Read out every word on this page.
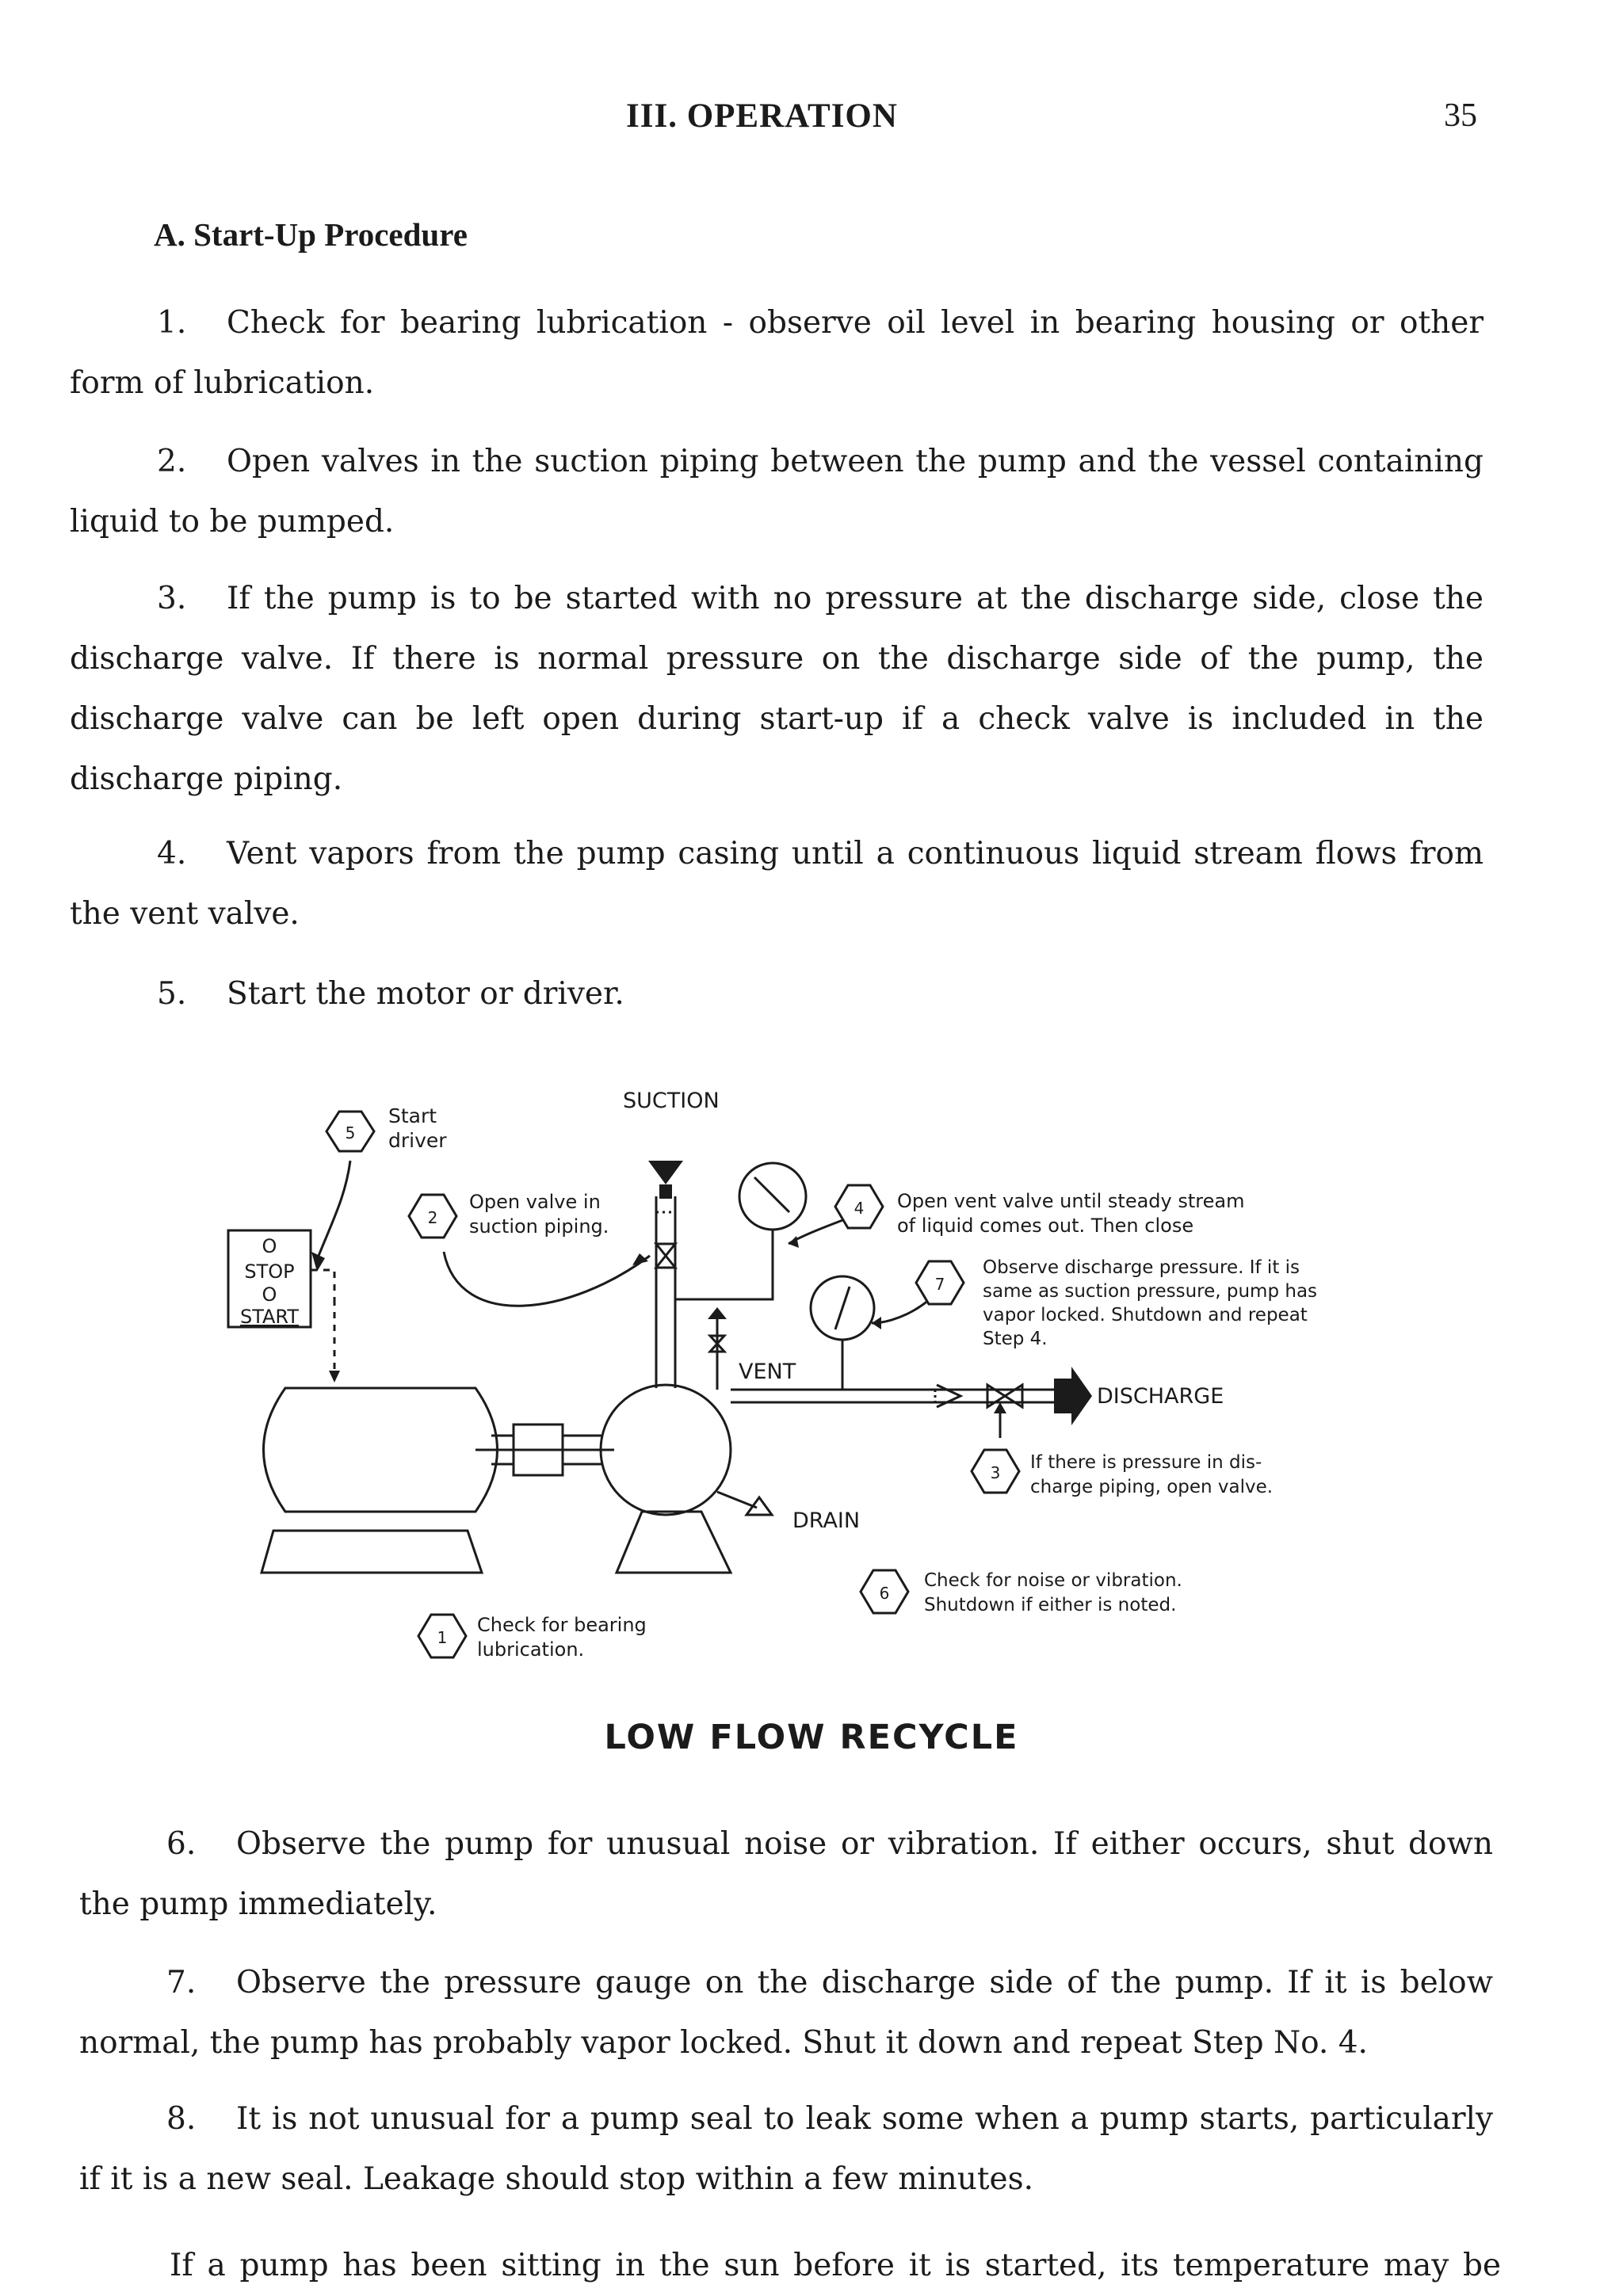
III. OPERATION	35
A. Start-Up Procedure

1. Check for bearing lubrication - observe oil level in bearing housing or other form of lubrication.

2. Open valves in the suction piping between the pump and the vessel containing liquid to be pumped.

3. If the pump is to be started with no pressure at the discharge side, close the discharge valve. If there is normal pressure on the discharge side of the pump, the discharge valve can be left open during start-up if a check valve is included in the discharge piping.

4. Vent vapors from the pump casing until a continuous liquid stream flows from the vent valve.

5. Start the motor or driver.

SUCTION
VENT
DISCHARGE
DRAIN
O
STOP
O
START
5
Start
driver
2
Open valve in
suction piping.
4 Open vent valve until steady stream
of liquid comes out. Then close
7
Observe discharge pressure. If it is
same as suction pressure, pump has
vapor locked. Shutdown and repeat
Step 4.
3 If there is pressure in dis-
charge piping, open valve.
6
Check for noise or vibration.
Shutdown if either is noted.
1
Check for bearing
lubrication.
LOW FLOW RECYCLE

6. Observe the pump for unusual noise or vibration. If either occurs, shut down the pump immediately.

7. Observe the pressure gauge on the discharge side of the pump. If it is below normal, the pump has probably vapor locked. Shut it down and repeat Step No. 4.

8. It is not unusual for a pump seal to leak some when a pump starts, particularly if it is a new seal. Leakage should stop within a few minutes.

If a pump has been sitting in the sun before it is started, its temperature may be
